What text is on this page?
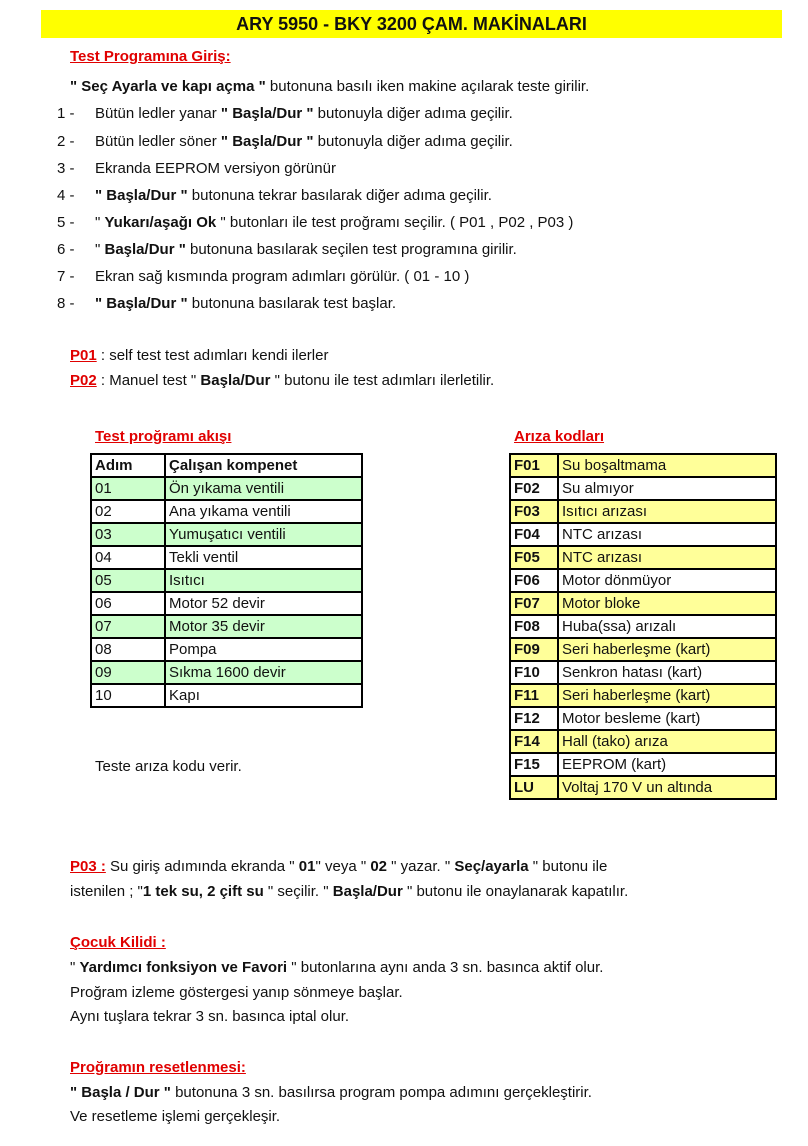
ARY 5950 - BKY 3200 ÇAM. MAKİNALARI
Test Programına Giriş:
" Seç Ayarla ve kapı açma " butonuna basılı iken makine açılarak teste girilir.
1 -	Bütün ledler yanar " Başla/Dur " butonuyla diğer adıma geçilir.
2 -	Bütün ledler söner " Başla/Dur " butonuyla diğer adıma geçilir.
3 -	Ekranda EEPROM versiyon görünür
4 -	" Başla/Dur " butonuna tekrar basılarak diğer adıma geçilir.
5 -	" Yukarı/aşağı Ok " butonları ile test proğramı seçilir. ( P01 , P02 , P03 )
6 -	" Başla/Dur " butonuna basılarak seçilen test programına girilir.
7 -	Ekran sağ kısmında program adımları görülür. ( 01 - 10 )
8 -	" Başla/Dur " butonuna basılarak test başlar.
P01 : self test test adımları kendi ilerler
P02 : Manuel test " Başla/Dur " butonu ile test adımları ilerletilir.
Test proğramı akışı
Adım	Çalışan kompenet
01	Ön yıkama ventili
02	Ana yıkama ventili
03	Yumuşatıcı ventili
04	Tekli ventil
05	Isıtıcı
06	Motor 52 devir
07	Motor 35 devir
08	Pompa
09	Sıkma 1600 devir
10	Kapı
Teste arıza kodu verir.
Arıza kodları
F01	Su boşaltmama
F02	Su almıyor
F03	Isıtıcı arızası
F04	NTC arızası
F05	NTC arızası
F06	Motor dönmüyor
F07	Motor bloke
F08	Huba(ssa) arızalı
F09	Seri haberleşme (kart)
F10	Senkron hatası (kart)
F11	Seri haberleşme (kart)
F12	Motor besleme (kart)
F14	Hall (tako) arıza
F15	EEPROM (kart)
LU	Voltaj 170 V un altında
P03 : Su giriş adımında ekranda " 01" veya " 02 " yazar. " Seç/ayarla " butonu ile
istenilen ; "1 tek su, 2 çift su " seçilir. " Başla/Dur " butonu ile onaylanarak kapatılır.
Çocuk Kilidi :
" Yardımcı fonksiyon ve Favori " butonlarına aynı anda 3 sn. basınca aktif olur.
Proğram izleme göstergesi yanıp sönmeye başlar.
Aynı tuşlara tekrar 3 sn. basınca iptal olur.
Proğramın resetlenmesi:
" Başla / Dur " butonuna 3 sn. basılırsa program pompa adımını gerçekleştirir.
Ve resetleme işlemi gerçekleşir.
